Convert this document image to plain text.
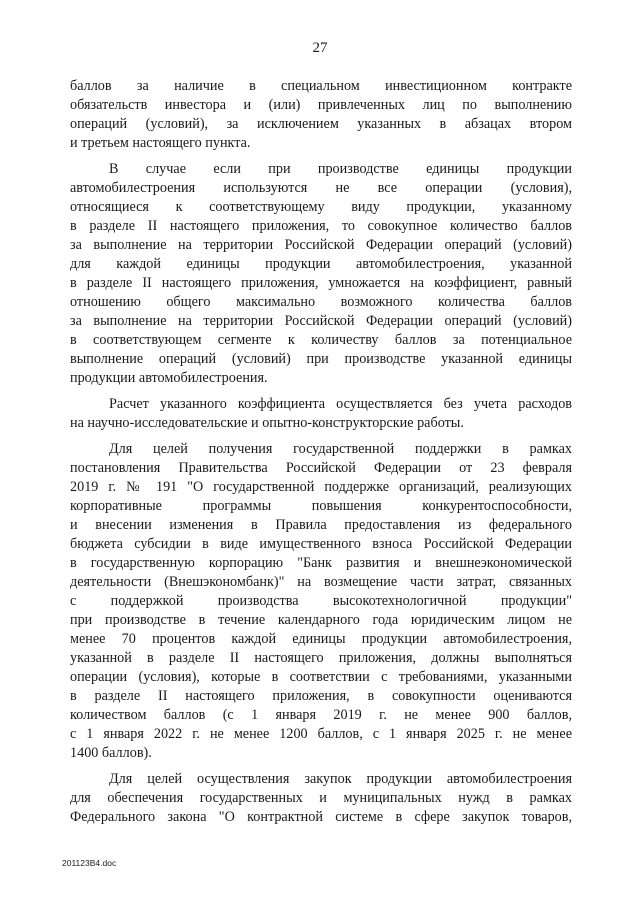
27
баллов за наличие в специальном инвестиционном контракте
обязательств инвестора и (или) привлеченных лиц по выполнению
операций (условий), за исключением указанных в абзацах втором
и третьем настоящего пункта.
В случае если при производстве единицы продукции
автомобилестроения используются не все операции (условия),
относящиеся к соответствующему виду продукции, указанному
в разделе II настоящего приложения, то совокупное количество баллов
за выполнение на территории Российской Федерации операций (условий)
для каждой единицы продукции автомобилестроения, указанной
в разделе II настоящего приложения, умножается на коэффициент, равный
отношению общего максимально возможного количества баллов
за выполнение на территории Российской Федерации операций (условий)
в соответствующем сегменте к количеству баллов за потенциальное
выполнение операций (условий) при производстве указанной единицы
продукции автомобилестроения.
Расчет указанного коэффициента осуществляется без учета расходов
на научно-исследовательские и опытно-конструкторские работы.
Для целей получения государственной поддержки в рамках
постановления Правительства Российской Федерации от 23 февраля
2019 г. № 191 "О государственной поддержке организаций, реализующих
корпоративные программы повышения конкурентоспособности,
и внесении изменения в Правила предоставления из федерального
бюджета субсидии в виде имущественного взноса Российской Федерации
в государственную корпорацию "Банк развития и внешнеэкономической
деятельности (Внешэкономбанк)" на возмещение части затрат, связанных
с поддержкой производства высокотехнологичной продукции"
при производстве в течение календарного года юридическим лицом не
менее 70 процентов каждой единицы продукции автомобилестроения,
указанной в разделе II настоящего приложения, должны выполняться
операции (условия), которые в соответствии с требованиями, указанными
в разделе II настоящего приложения, в совокупности оцениваются
количеством баллов (с 1 января 2019 г. не менее 900 баллов,
с 1 января 2022 г. не менее 1200 баллов, с 1 января 2025 г. не менее
1400 баллов).
Для целей осуществления закупок продукции автомобилестроения
для обеспечения государственных и муниципальных нужд в рамках
Федерального закона "О контрактной системе в сфере закупок товаров,
201123В4.doc
